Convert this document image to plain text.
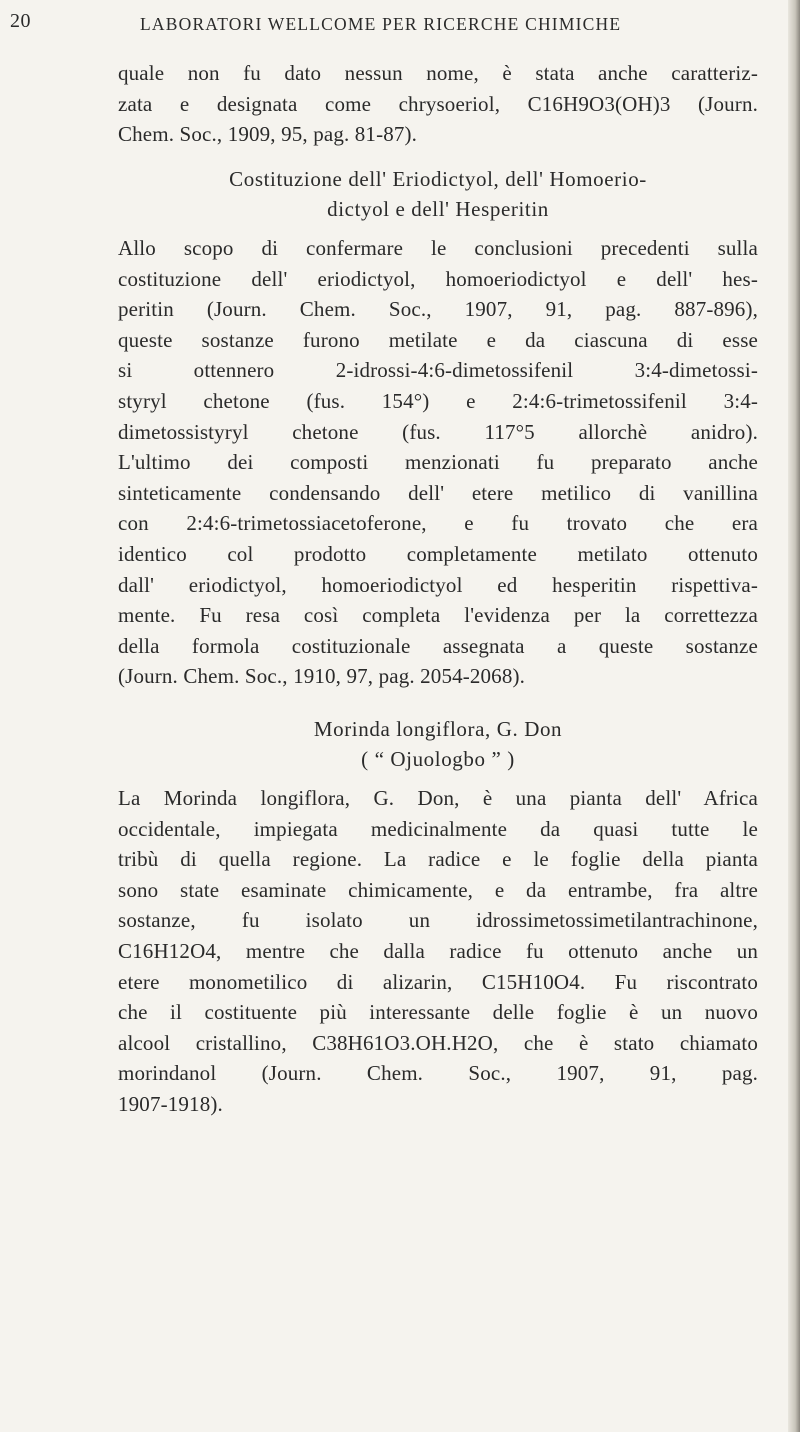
20	LABORATORI WELLCOME PER RICERCHE CHIMICHE
quale non fu dato nessun nome, è stata anche caratteriz-
zata e designata come chrysoeriol, C16H9O3(OH)3 (Journ.
Chem. Soc., 1909, 95, pag. 81-87).
Costituzione dell' Eriodictyol, dell' Homoerio-
dictyol e dell' Hesperitin
Allo scopo di confermare le conclusioni precedenti sulla
costituzione dell' eriodictyol, homoeriodictyol e dell' hes-
peritin (Journ. Chem. Soc., 1907, 91, pag. 887-896),
queste sostanze furono metilate e da ciascuna di esse
si ottennero 2-idrossi-4:6-dimetossifenil 3:4-dimetossi-
styryl chetone (fus. 154°) e 2:4:6-trimetossifenil 3:4-
dimetossistyryl chetone (fus. 117°5 allorchè anidro).
L'ultimo dei composti menzionati fu preparato anche
sinteticamente condensando dell' etere metilico di vanillina
con 2:4:6-trimetossiacetoferone, e fu trovato che era
identico col prodotto completamente metilato ottenuto
dall' eriodictyol, homoeriodictyol ed hesperitin rispettiva-
mente. Fu resa così completa l'evidenza per la correttezza
della formola costituzionale assegnata a queste sostanze
(Journ. Chem. Soc., 1910, 97, pag. 2054-2068).
Morinda longiflora, G. Don
( “ Ojuologbo ” )
La Morinda longiflora, G. Don, è una pianta dell' Africa
occidentale, impiegata medicinalmente da quasi tutte le
tribù di quella regione. La radice e le foglie della pianta
sono state esaminate chimicamente, e da entrambe, fra altre
sostanze, fu isolato un idrossimetossimetilantrachinone,
C16H12O4, mentre che dalla radice fu ottenuto anche un
etere monometilico di alizarin, C15H10O4. Fu riscontrato
che il costituente più interessante delle foglie è un nuovo
alcool cristallino, C38H61O3.OH.H2O, che è stato chiamato
morindanol (Journ. Chem. Soc., 1907, 91, pag.
1907-1918).
